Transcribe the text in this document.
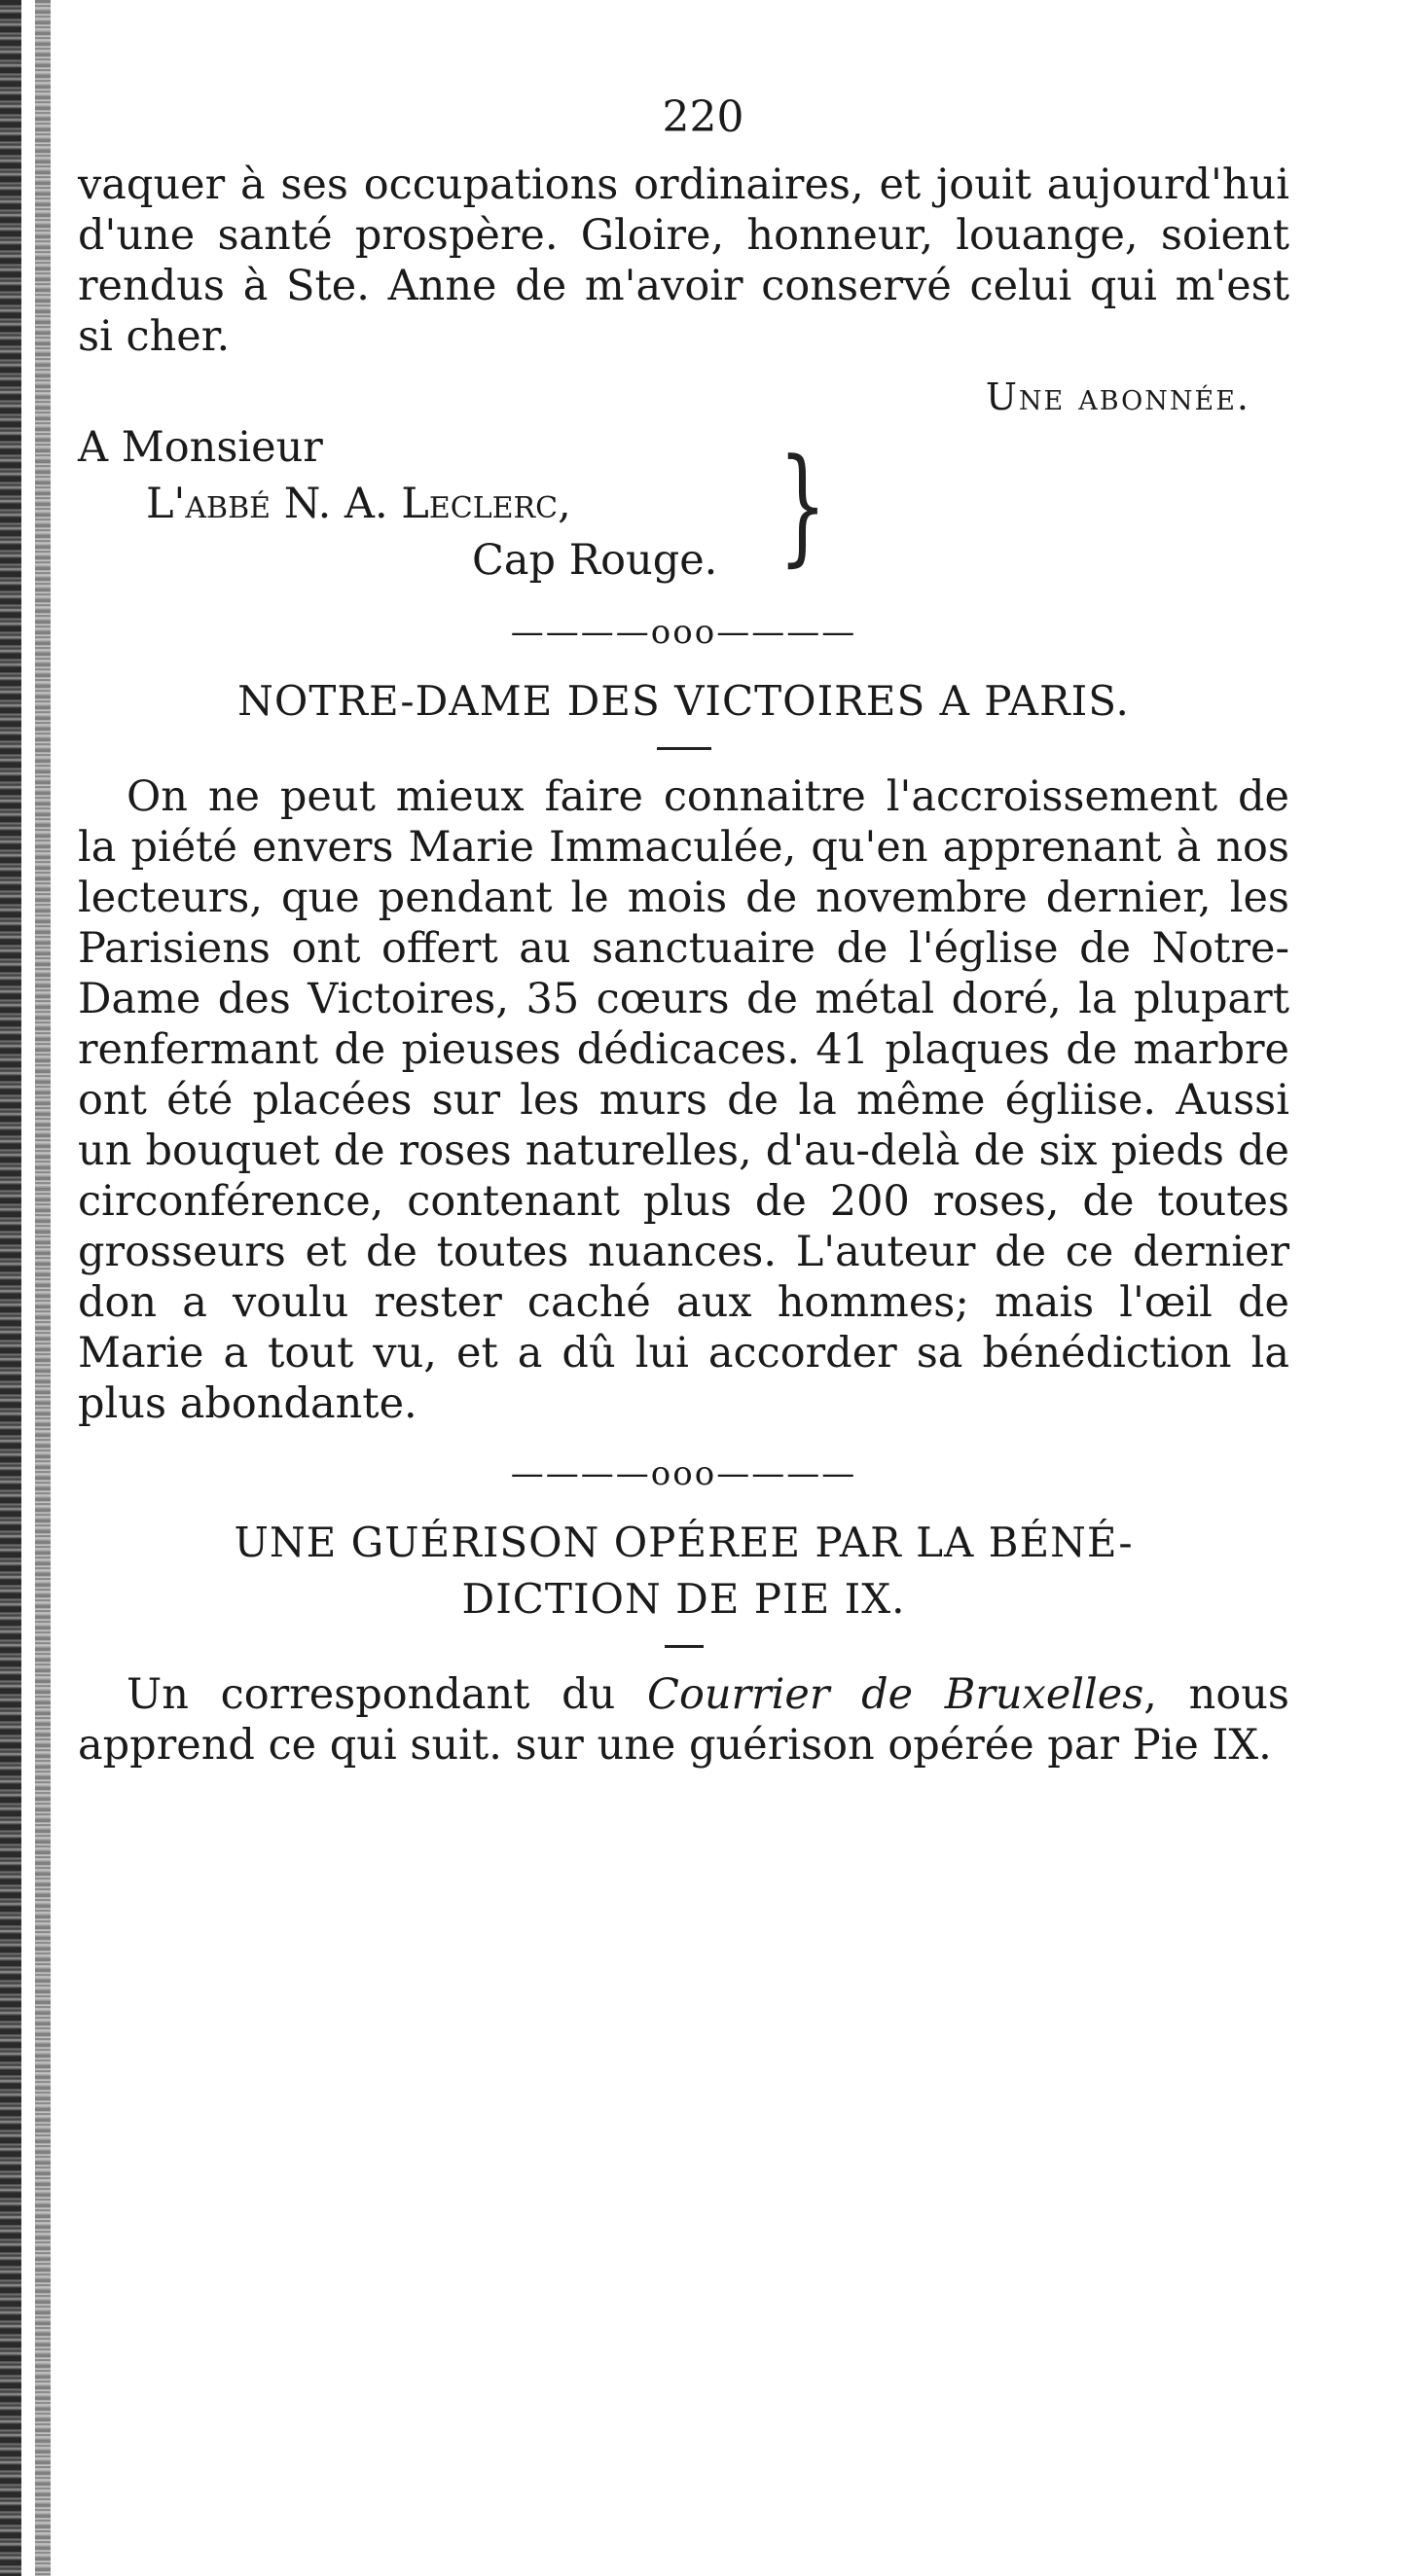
220

vaquer à ses occupations ordinaires, et jouit aujourd'hui d'une santé prospère. Gloire, honneur, louange, soient rendus à Ste. Anne de m'avoir conservé celui qui m'est si cher.

Une abonnée.
A Monsieur
L'abbé N. A. Leclerc,
Cap Rouge. }
————ooo————
NOTRE-DAME DES VICTOIRES A PARIS.

On ne peut mieux faire connaitre l'accroissement de la piété envers Marie Immaculée, qu'en apprenant à nos lecteurs, que pendant le mois de novembre dernier, les Parisiens ont offert au sanctuaire de l'église de Notre-Dame des Victoires, 35 cœurs de métal doré, la plupart renfermant de pieuses dédicaces. 41 plaques de marbre ont été placées sur les murs de la même égliise. Aussi un bouquet de roses naturelles, d'au-delà de six pieds de circonférence, contenant plus de 200 roses, de toutes grosseurs et de toutes nuances. L'auteur de ce dernier don a voulu rester caché aux hommes; mais l'œil de Marie a tout vu, et a dû lui accorder sa bénédiction la plus abondante.

————ooo————
UNE GUÉRISON OPÉREE PAR LA BÉNÉ-
DICTION DE PIE IX.

Un correspondant du Courrier de Bruxelles, nous apprend ce qui suit. sur une guérison opérée par Pie IX.
